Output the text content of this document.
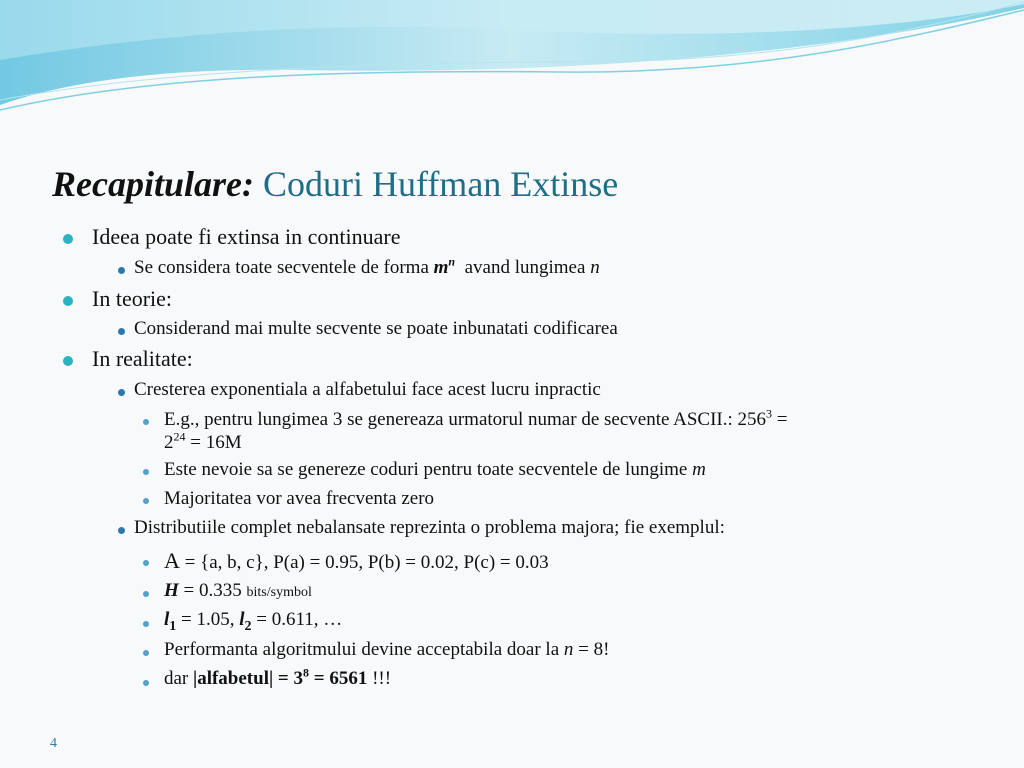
Recapitulare: Coduri Huffman Extinse
Ideea poate fi extinsa in continuare
Se considera toate secventele de forma $m^n$ avand lungimea n
In teorie:
Considerand mai multe secvente se poate inbunatati codificarea
In realitate:
Cresterea exponentiala a alfabetului face acest lucru inpractic
E.g., pentru lungimea 3 se genereaza urmatorul numar de secvente ASCII.: $256^3$ =
$2^{24} = 16M$
Este nevoie sa se genereze coduri pentru toate secventele de lungime m
Majoritatea vor avea frecventa zero
Distributiile complet nebalansate reprezinta o problema majora; fie exemplul:
A = {a, b, c}, P(a) = 0.95, P(b) = 0.02, P(c) = 0.03
H = 0.335 bits/symbol
$l_1 = 1.05$, $l_2 = 0.611$, …
Performanta algoritmului devine acceptabila doar la n = 8!
dar |alfabetul| = $3^8 = 6561$ !!!
4
